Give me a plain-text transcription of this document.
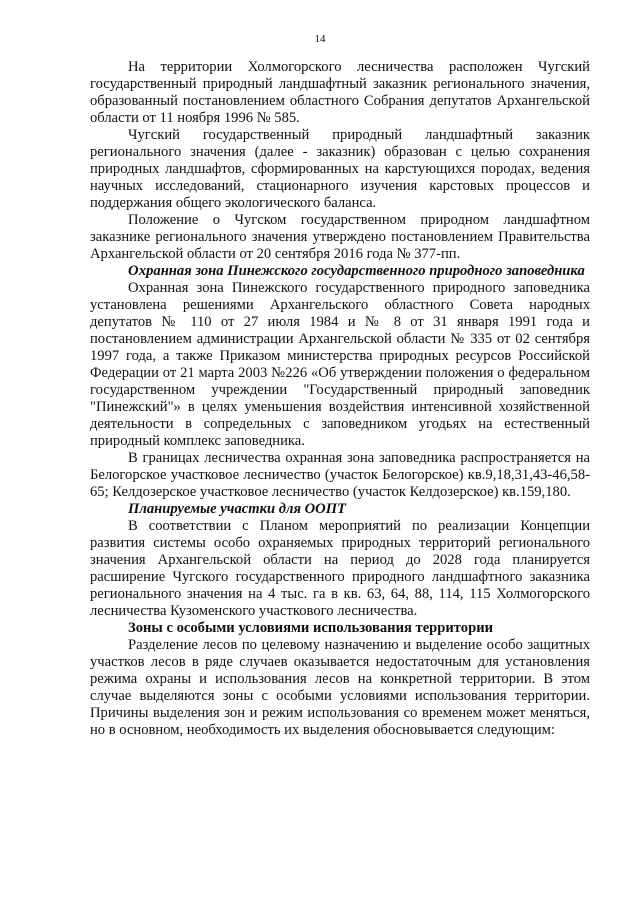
14

На территории Холмогорского лесничества расположен Чугский государственный природный ландшафтный заказник регионального значения, образованный постановлением областного Собрания депутатов Архангельской области от 11 ноября 1996 № 585.

Чугский государственный природный ландшафтный заказник регионального значения (далее - заказник) образован с целью сохранения природных ландшафтов, сформированных на карстующихся породах, ведения научных исследований, стационарного изучения карстовых процессов и поддержания общего экологического баланса.

Положение о Чугском государственном природном ландшафтном заказнике регионального значения утверждено постановлением Правительства Архангельской области от 20 сентября 2016 года № 377-пп.

Охранная зона Пинежского государственного природного заповедника

Охранная зона Пинежского государственного природного заповедника установлена решениями Архангельского областного Совета народных депутатов № 110 от 27 июля 1984 и № 8 от 31 января 1991 года и постановлением администрации Архангельской области № 335 от 02 сентября 1997 года, а также Приказом министерства природных ресурсов Российской Федерации от 21 марта 2003 №226 «Об утверждении положения о федеральном государственном учреждении "Государственный природный заповедник "Пинежский"» в целях уменьшения воздействия интенсивной хозяйственной деятельности в сопредельных с заповедником угодьях на естественный природный комплекс заповедника.

В границах лесничества охранная зона заповедника распространяется на Белогорское участковое лесничество (участок Белогорское) кв.9,18,31,43-46,58-65; Келдозерское участковое лесничество (участок Келдозерское) кв.159,180.

Планируемые участки для ООПТ

В соответствии с Планом мероприятий по реализации Концепции развития системы особо охраняемых природных территорий регионального значения Архангельской области на период до 2028 года планируется расширение Чугского государственного природного ландшафтного заказника регионального значения на 4 тыс. га в кв. 63, 64, 88, 114, 115 Холмогорского лесничества Кузоменского участкового лесничества.

Зоны с особыми условиями использования территории

Разделение лесов по целевому назначению и выделение особо защитных участков лесов в ряде случаев оказывается недостаточным для установления режима охраны и использования лесов на конкретной территории. В этом случае выделяются зоны с особыми условиями использования территории. Причины выделения зон и режим использования со временем может меняться, но в основном, необходимость их выделения обосновывается следующим:
